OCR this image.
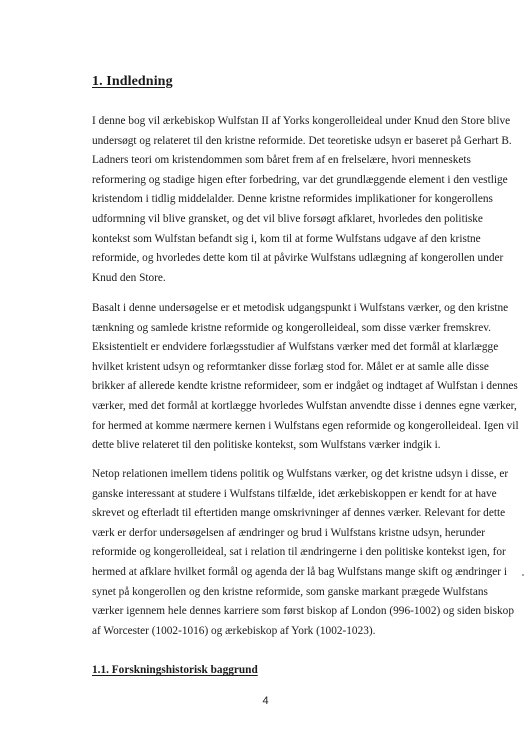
1. Indledning

I denne bog vil ærkebiskop Wulfstan II af Yorks kongerolleideal under Knud den Store blive
undersøgt og relateret til den kristne reformide. Det teoretiske udsyn er baseret på Gerhart B.
Ladners teori om kristendommen som båret frem af en frelselære, hvori menneskets
reformering og stadige higen efter forbedring, var det grundlæggende element i den vestlige
kristendom i tidlig middelalder. Denne kristne reformides implikationer for kongerollens
udformning vil blive gransket, og det vil blive forsøgt afklaret, hvorledes den politiske
kontekst som Wulfstan befandt sig i, kom til at forme Wulfstans udgave af den kristne
reformide, og hvorledes dette kom til at påvirke Wulfstans udlægning af kongerollen under
Knud den Store.

Basalt i denne undersøgelse er et metodisk udgangspunkt i Wulfstans værker, og den kristne
tænkning og samlede kristne reformide og kongerolleideal, som disse værker fremskrev.
Eksistentielt er endvidere forlægsstudier af Wulfstans værker med det formål at klarlægge
hvilket kristent udsyn og reformtanker disse forlæg stod for. Målet er at samle alle disse
brikker af allerede kendte kristne reformideer, som er indgået og indtaget af Wulfstan i dennes
værker, med det formål at kortlægge hvorledes Wulfstan anvendte disse i dennes egne værker,
for hermed at komme nærmere kernen i Wulfstans egen reformide og kongerolleideal. Igen vil
dette blive relateret til den politiske kontekst, som Wulfstans værker indgik i.

Netop relationen imellem tidens politik og Wulfstans værker, og det kristne udsyn i disse, er
ganske interessant at studere i Wulfstans tilfælde, idet ærkebiskoppen er kendt for at have
skrevet og efterladt til eftertiden mange omskrivninger af dennes værker. Relevant for dette
værk er derfor undersøgelsen af ændringer og brud i Wulfstans kristne udsyn, herunder
reformide og kongerolleideal, sat i relation til ændringerne i den politiske kontekst igen, for
hermed at afklare hvilket formål og agenda der lå bag Wulfstans mange skift og ændringer i
synet på kongerollen og den kristne reformide, som ganske markant prægede Wulfstans
værker igennem hele dennes karriere som først biskop af London (996-1002) og siden biskop
af Worcester (1002-1016) og ærkebiskop af York (1002-1023).

1.1. Forskningshistorisk baggrund
4
